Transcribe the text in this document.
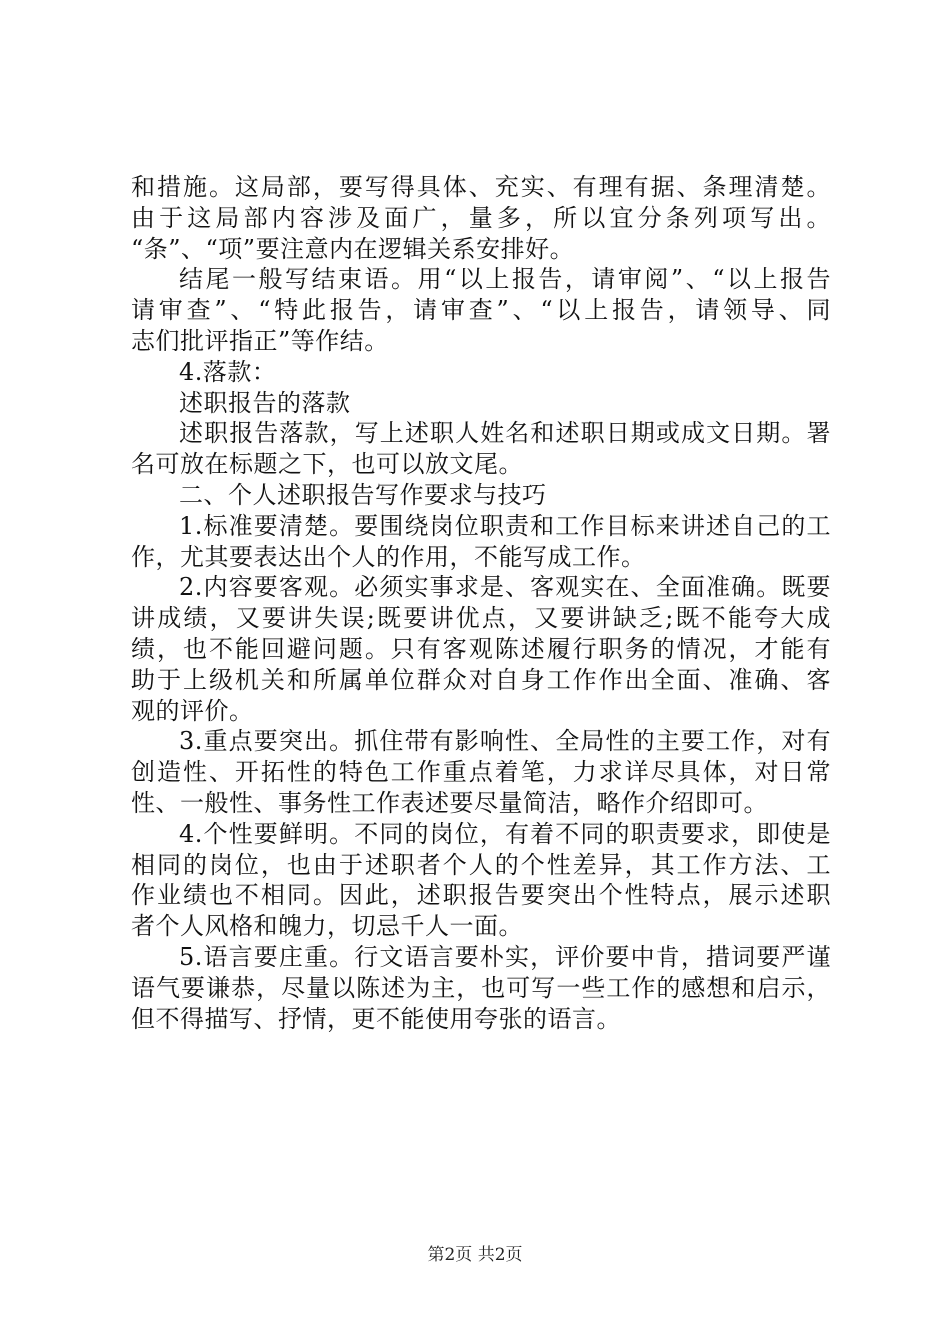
和措施。这局部，要写得具体、充实、有理有据、条理清楚。
由于这局部内容涉及面广，量多，所以宜分条列项写出。
“条”、“项”要注意内在逻辑关系安排好。
结尾一般写结束语。用“以上报告，请审阅”、“以上报告
请审查”、“特此报告，请审查”、“以上报告，请领导、同
志们批评指正”等作结。
4.落款：
述职报告的落款
述职报告落款，写上述职人姓名和述职日期或成文日期。署
名可放在标题之下，也可以放文尾。
二、个人述职报告写作要求与技巧
1.标准要清楚。要围绕岗位职责和工作目标来讲述自己的工
作，尤其要表达出个人的作用，不能写成工作。
2.内容要客观。必须实事求是、客观实在、全面准确。既要
讲成绩，又要讲失误;既要讲优点，又要讲缺乏;既不能夸大成
绩，也不能回避问题。只有客观陈述履行职务的情况，才能有
助于上级机关和所属单位群众对自身工作作出全面、准确、客
观的评价。
3.重点要突出。抓住带有影响性、全局性的主要工作，对有
创造性、开拓性的特色工作重点着笔，力求详尽具体，对日常
性、一般性、事务性工作表述要尽量简洁，略作介绍即可。
4.个性要鲜明。不同的岗位，有着不同的职责要求，即使是
相同的岗位，也由于述职者个人的个性差异，其工作方法、工
作业绩也不相同。因此，述职报告要突出个性特点，展示述职
者个人风格和魄力，切忌千人一面。
5.语言要庄重。行文语言要朴实，评价要中肯，措词要严谨
语气要谦恭，尽量以陈述为主，也可写一些工作的感想和启示，
但不得描写、抒情，更不能使用夸张的语言。
第2页 共2页
